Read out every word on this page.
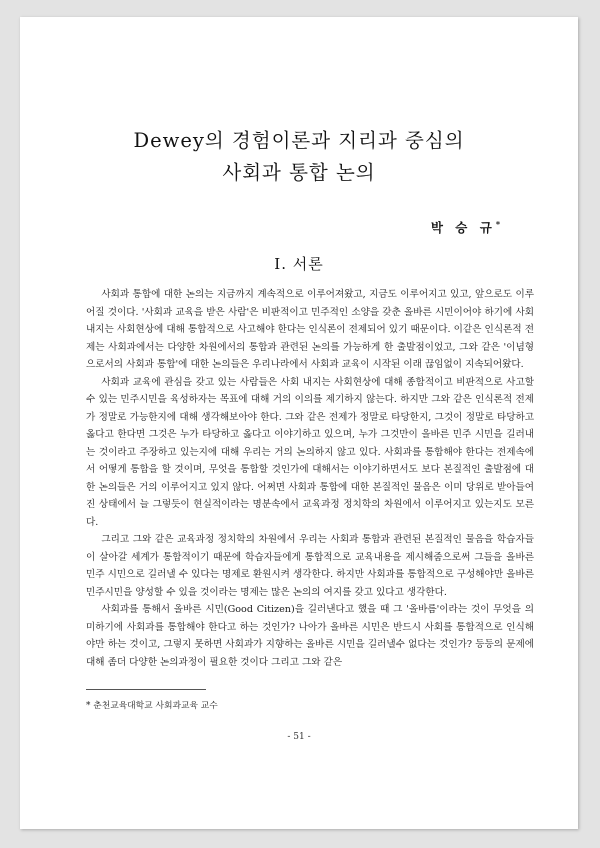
Dewey의 경험이론과 지리과 중심의
사회과 통합 논의
박 승 규*
Ⅰ. 서론

사회과 통합에 대한 논의는 지금까지 계속적으로 이루어져왔고, 지금도 이루어지고 있고, 앞으로도 이루어질 것이다. '사회과 교육을 받은 사람'은 비판적이고 민주적인 소양을 갖춘 올바른 시민이어야 하기에 사회 내지는 사회현상에 대해 통합적으로 사고해야 한다는 인식론이 전제되어 있기 때문이다. 이같은 인식론적 전제는 사회과에서는 다양한 차원에서의 통합과 관련된 논의를 가능하게 한 출발점이었고, 그와 같은 '이념형으로서의 사회과 통합'에 대한 논의들은 우리나라에서 사회과 교육이 시작된 이래 끊임없이 지속되어왔다.

사회과 교육에 관심을 갖고 있는 사람들은 사회 내지는 사회현상에 대해 종합적이고 비판적으로 사고할 수 있는 민주시민을 육성하자는 목표에 대해 거의 이의를 제기하지 않는다. 하지만 그와 같은 인식론적 전제가 정말로 가능한지에 대해 생각해보아야 한다. 그와 같은 전제가 정말로 타당한지, 그것이 정말로 타당하고 옳다고 한다면 그것은 누가 타당하고 옳다고 이야기하고 있으며, 누가 그것만이 올바른 민주 시민을 길러내는 것이라고 주장하고 있는지에 대해 우리는 거의 논의하지 않고 있다. 사회과를 통합해야 한다는 전제속에서 어떻게 통합을 할 것이며, 무엇을 통합할 것인가에 대해서는 이야기하면서도 보다 본질적인 출발점에 대한 논의들은 거의 이루어지고 있지 않다. 어쩌면 사회과 통합에 대한 본질적인 물음은 이미 당위로 받아들여진 상태에서 늘 그렇듯이 현실적이라는 명분속에서 교육과정 정치학의 차원에서 이루어지고 있는지도 모른다.

그리고 그와 같은 교육과정 정치학의 차원에서 우리는 사회과 통합과 관련된 본질적인 물음을 학습자들이 살아갈 세계가 통합적이기 때문에 학습자들에게 통합적으로 교육내용을 제시해줌으로써 그들을 올바른 민주 시민으로 길러낼 수 있다는 명제로 환원시켜 생각한다. 하지만 사회과를 통합적으로 구성해야만 올바른 민주시민을 양성할 수 있을 것이라는 명제는 많은 논의의 여지를 갖고 있다고 생각한다.

사회과를 통해서 올바른 시민(Good Citizen)을 길러낸다고 했을 때 그 '올바름'이라는 것이 무엇을 의미하기에 사회과를 통합해야 한다고 하는 것인가? 나아가 올바른 시민은 반드시 사회를 통합적으로 인식해야만 하는 것이고, 그렇지 못하면 사회과가 지향하는 올바른 시민을 길러낼수 없다는 것인가? 등등의 문제에 대해 좀더 다양한 논의과정이 필요한 것이다 그리고 그와 같은

* 춘천교육대학교 사회과교육 교수
- 51 -
